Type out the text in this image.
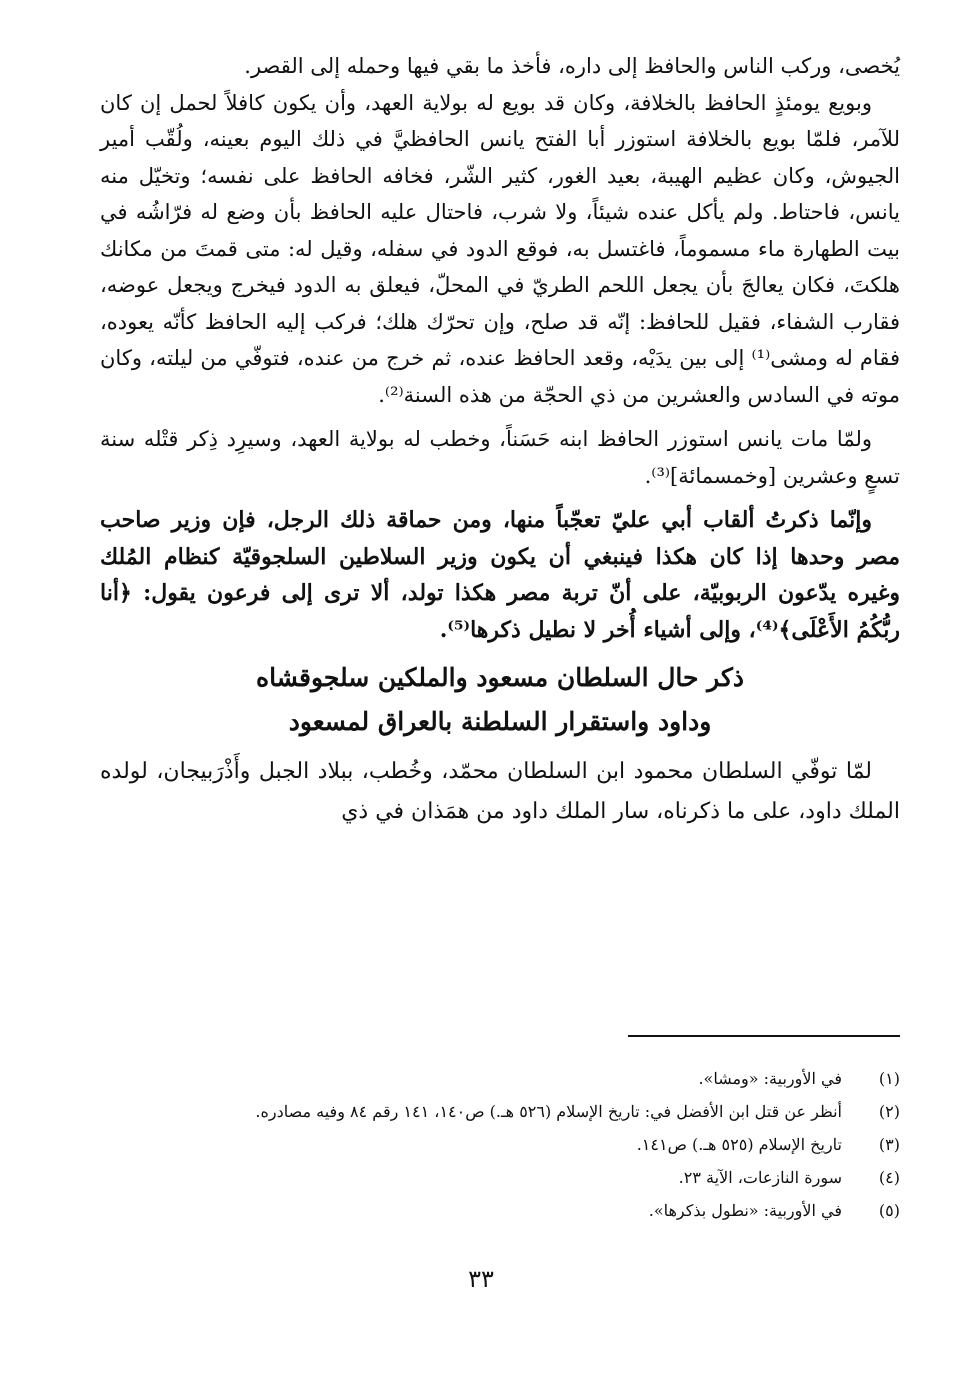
يُخصى، وركب الناس والحافظ إلى داره، فأخذ ما بقي فيها وحمله إلى القصر.

وبويع يومئذٍ الحافظ بالخلافة، وكان قد بويع له بولاية العهد، وأن يكون كافلاً لحمل إن كان للآمر، فلمّا بويع بالخلافة استوزر أبا الفتح يانس الحافظيَّ في ذلك اليوم بعينه، ولُقّب أمير الجيوش، وكان عظيم الهيبة، بعيد الغور، كثير الشّر، فخافه الحافظ على نفسه؛ وتخيّل منه يانس، فاحتاط. ولم يأكل عنده شيئاً، ولا شرب، فاحتال عليه الحافظ بأن وضع له فرّاشُه في بيت الطهارة ماء مسموماً، فاغتسل به، فوقع الدود في سفله، وقيل له: متى قمتَ من مكانك هلكتَ، فكان يعالجَ بأن يجعل اللحم الطريّ في المحلّ، فيعلق به الدود فيخرج ويجعل عوضه، فقارب الشفاء، فقيل للحافظ: إنّه قد صلح، وإن تحرّك هلك؛ فركب إليه الحافظ كأنّه يعوده، فقام له ومشى⁽¹⁾ إلى بين يدَيْه، وقعد الحافظ عنده، ثم خرج من عنده، فتوفّي من ليلته، وكان موته في السادس والعشرين من ذي الحجّة من هذه السنة⁽²⁾.

ولمّا مات يانس استوزر الحافظ ابنه حَسَناً، وخطب له بولاية العهد، وسيرِد ذِكر قتْله سنة تسعٍ وعشرين [وخمسمائة]⁽³⁾.

وإنّما ذكرتُ ألقاب أبي عليّ تعجّباً منها، ومن حماقة ذلك الرجل، فإن وزير صاحب مصر وحدها إذا كان هكذا فينبغي أن يكون وزير السلاطين السلجوقيّة كنظام المُلك وغيره يدّعون الربوبيّة، على أنّ تربة مصر هكذا تولد، ألا ترى إلى فرعون يقول: ﴿أنا ربُّكُمُ الأَعْلَى﴾⁽⁴⁾، وإلى أشياء أُخر لا نطيل ذكرها⁽⁵⁾.

ذكر حال السلطان مسعود والملكين سلجوقشاه

وداود واستقرار السلطنة بالعراق لمسعود

لمّا توفّي السلطان محمود ابن السلطان محمّد، وخُطب، ببلاد الجبل وأَذْرَبيجان، لولده الملك داود، على ما ذكرناه، سار الملك داود من همَذان في ذي

(١)
في الأوربية: «ومشا».
(٢)
أنظر عن قتل ابن الأفضل في: تاريخ الإسلام (٥٢٦ هـ.) ص١٤٠، ١٤١ رقم ٨٤ وفيه مصادره.
(٣)
تاريخ الإسلام (٥٢٥ هـ.) ص١٤١.
(٤)
سورة النازعات، الآية ٢٣.
(٥)
في الأوربية: «نطول بذكرها».
٣٣
